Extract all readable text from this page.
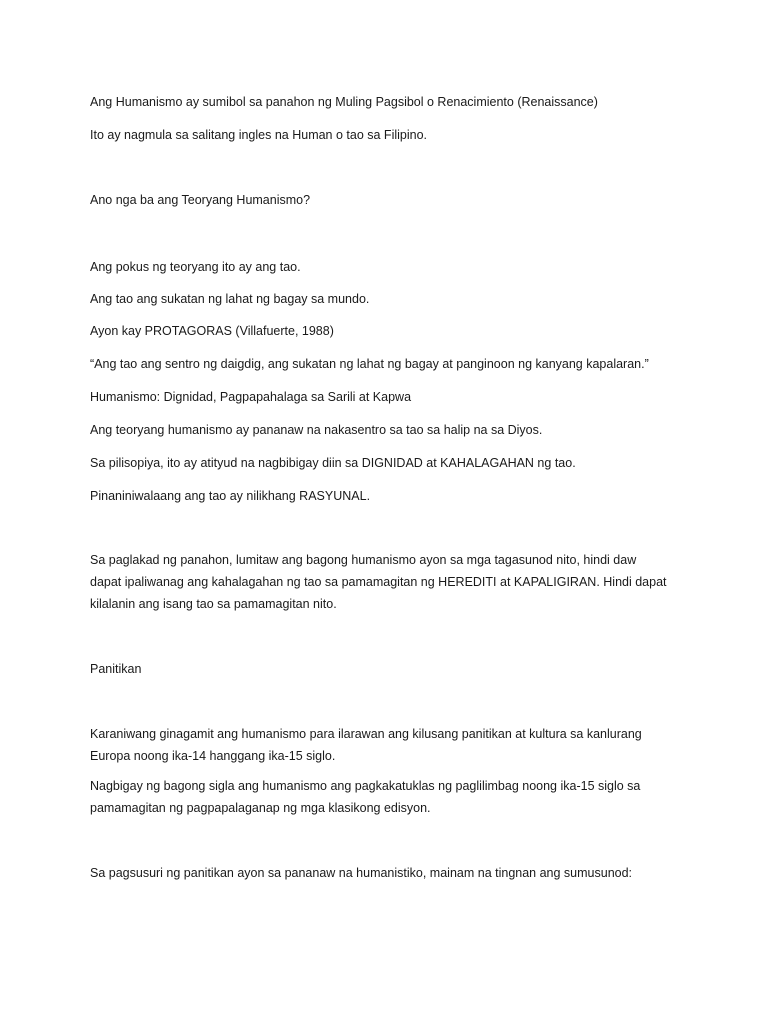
Ang Humanismo ay sumibol sa panahon ng Muling Pagsibol o Renacimiento (Renaissance)

Ito ay nagmula sa salitang ingles na Human o tao sa Filipino.

Ano nga ba ang Teoryang Humanismo?

Ang pokus ng teoryang ito ay ang tao.

Ang tao ang sukatan ng lahat ng bagay sa mundo.

Ayon kay PROTAGORAS (Villafuerte, 1988)

“Ang tao ang sentro ng daigdig, ang sukatan ng lahat ng bagay at panginoon ng kanyang kapalaran.”

Humanismo: Dignidad, Pagpapahalaga sa Sarili at Kapwa

Ang teoryang humanismo ay pananaw na nakasentro sa tao sa halip na sa Diyos.

Sa pilisopiya, ito ay atityud na nagbibigay diin sa DIGNIDAD at KAHALAGAHAN ng tao.

Pinaniniwalaang ang tao ay nilikhang RASYUNAL.

Sa paglakad ng panahon, lumitaw ang bagong humanismo ayon sa mga tagasunod nito, hindi daw dapat ipaliwanag ang kahalagahan ng tao sa pamamagitan ng HEREDITI at KAPALIGIRAN. Hindi dapat kilalanin ang isang tao sa pamamagitan nito.

Panitikan

Karaniwang ginagamit ang humanismo para ilarawan ang kilusang panitikan at kultura sa kanlurang Europa noong ika-14 hanggang ika-15 siglo.

Nagbigay ng bagong sigla ang humanismo ang pagkakatuklas ng paglilimbag noong ika-15 siglo sa pamamagitan ng pagpapalaganap ng mga klasikong edisyon.

Sa pagsusuri ng panitikan ayon sa pananaw na humanistiko, mainam na tingnan ang sumusunod:
